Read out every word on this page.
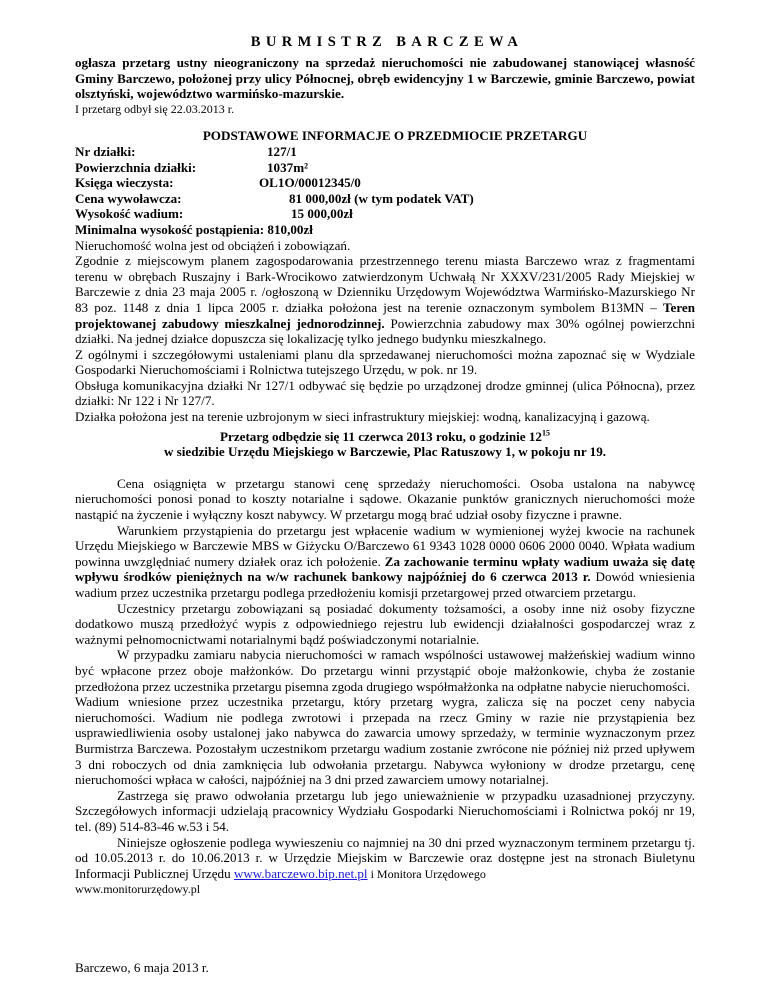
BURMISTRZ BARCZEWA

ogłasza przetarg ustny nieograniczony na sprzedaż nieruchomości nie zabudowanej stanowiącej własność Gminy Barczewo, położonej przy ulicy Północnej, obręb ewidencyjny 1 w Barczewie, gminie Barczewo, powiat olsztyński, województwo warmińsko-mazurskie.

I przetarg odbył się 22.03.2013 r.

PODSTAWOWE INFORMACJE O PRZEDMIOCIE PRZETARGU

Nr działki:	127/1
Powierzchnia działki:	1037m²
Księga wieczysta:	OL1O/00012345/0
Cena wywoławcza:	81 000,00zł (w tym podatek VAT)
Wysokość wadium:	15 000,00zł

Minimalna wysokość postąpienia: 810,00zł

Nieruchomość wolna jest od obciążeń i zobowiązań.

Zgodnie z miejscowym planem zagospodarowania przestrzennego terenu miasta Barczewo wraz z fragmentami terenu w obrębach Ruszajny i Bark-Wrocikowo zatwierdzonym Uchwałą Nr XXXV/231/2005 Rady Miejskiej w Barczewie z dnia 23 maja 2005 r. /ogłoszoną w Dzienniku Urzędowym Województwa Warmińsko-Mazurskiego Nr 83 poz. 1148 z dnia 1 lipca 2005 r. działka położona jest na terenie oznaczonym symbolem B13MN – Teren projektowanej zabudowy mieszkalnej jednorodzinnej. Powierzchnia zabudowy max 30% ogólnej powierzchni działki. Na jednej działce dopuszcza się lokalizację tylko jednego budynku mieszkalnego.

Z ogólnymi i szczegółowymi ustaleniami planu dla sprzedawanej nieruchomości można zapoznać się w Wydziale Gospodarki Nieruchomościami i Rolnictwa tutejszego Urzędu, w pok. nr 19.

Obsługa komunikacyjna działki Nr 127/1 odbywać się będzie po urządzonej drodze gminnej (ulica Północna), przez działki: Nr 122 i Nr 127/7.

Działka położona jest na terenie uzbrojonym w sieci infrastruktury miejskiej: wodną, kanalizacyjną i gazową.

Przetarg odbędzie się 11 czerwca 2013 roku, o godzinie $12^{15}$

w siedzibie Urzędu Miejskiego w Barczewie, Plac Ratuszowy 1, w pokoju nr 19.

Cena osiągnięta w przetargu stanowi cenę sprzedaży nieruchomości. Osoba ustalona na nabywcę nieruchomości ponosi ponad to koszty notarialne i sądowe. Okazanie punktów granicznych nieruchomości może nastąpić na życzenie i wyłączny koszt nabywcy. W przetargu mogą brać udział osoby fizyczne i prawne.

Warunkiem przystąpienia do przetargu jest wpłacenie wadium w wymienionej wyżej kwocie na rachunek Urzędu Miejskiego w Barczewie MBS w Giżycku O/Barczewo 61 9343 1028 0000 0606 2000 0040. Wpłata wadium powinna uwzględniać numery działek oraz ich położenie. Za zachowanie terminu wpłaty wadium uważa się datę wpływu środków pieniężnych na w/w rachunek bankowy najpóźniej do 6 czerwca 2013 r. Dowód wniesienia wadium przez uczestnika przetargu podlega przedłożeniu komisji przetargowej przed otwarciem przetargu.

Uczestnicy przetargu zobowiązani są posiadać dokumenty tożsamości, a osoby inne niż osoby fizyczne dodatkowo muszą przedłożyć wypis z odpowiedniego rejestru lub ewidencji działalności gospodarczej wraz z ważnymi pełnomocnictwami notarialnymi bądź poświadczonymi notarialnie.

W przypadku zamiaru nabycia nieruchomości w ramach wspólności ustawowej małżeńskiej wadium winno być wpłacone przez oboje małżonków. Do przetargu winni przystąpić oboje małżonkowie, chyba że zostanie przedłożona przez uczestnika przetargu pisemna zgoda drugiego współmałżonka na odpłatne nabycie nieruchomości.

Wadium wniesione przez uczestnika przetargu, który przetarg wygra, zalicza się na poczet ceny nabycia nieruchomości. Wadium nie podlega zwrotowi i przepada na rzecz Gminy w razie nie przystąpienia bez usprawiedliwienia osoby ustalonej jako nabywca do zawarcia umowy sprzedaży, w terminie wyznaczonym przez Burmistrza Barczewa. Pozostałym uczestnikom przetargu wadium zostanie zwrócone nie później niż przed upływem 3 dni roboczych od dnia zamknięcia lub odwołania przetargu. Nabywca wyłoniony w drodze przetargu, cenę nieruchomości wpłaca w całości, najpóźniej na 3 dni przed zawarciem umowy notarialnej.

Zastrzega się prawo odwołania przetargu lub jego unieważnienie w przypadku uzasadnionej przyczyny. Szczegółowych informacji udzielają pracownicy Wydziału Gospodarki Nieruchomościami i Rolnictwa pokój nr 19, tel. (89) 514-83-46 w.53 i 54.

Niniejsze ogłoszenie podlega wywieszeniu co najmniej na 30 dni przed wyznaczonym terminem przetargu tj. od 10.05.2013 r. do 10.06.2013 r. w Urzędzie Miejskim w Barczewie oraz dostępne jest na stronach Biuletynu Informacji Publicznej Urzędu www.barczewo.bip.net.pl i Monitora Urzędowego

www.monitorurzędowy.pl

Barczewo, 6 maja 2013 r.
